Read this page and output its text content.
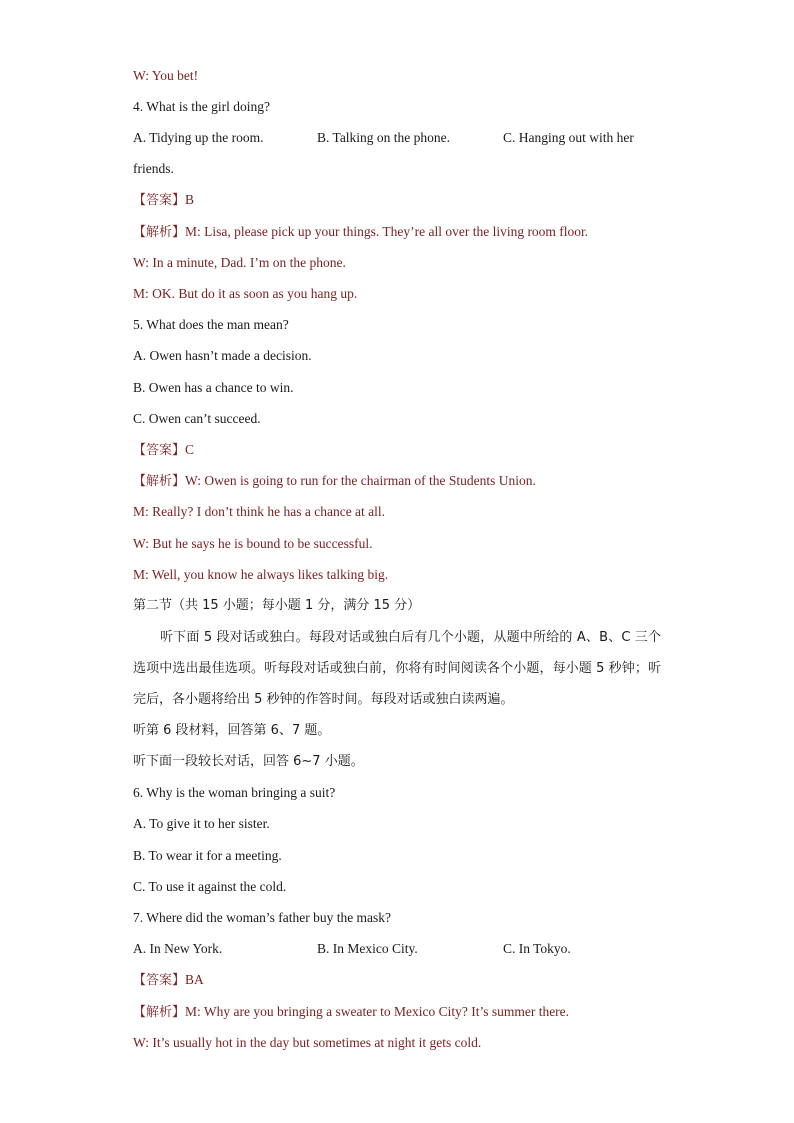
W: You bet!

4. What is the girl doing?

A. Tidying up the room.	B. Talking on the phone.	C. Hanging out with her

friends.

【答案】B

【解析】M: Lisa, please pick up your things. They’re all over the living room floor.

W: In a minute, Dad. I’m on the phone.

M: OK. But do it as soon as you hang up.

5. What does the man mean?

A. Owen hasn’t made a decision.

B. Owen has a chance to win.

C. Owen can’t succeed.

【答案】C

【解析】W: Owen is going to run for the chairman of the Students Union.

M: Really? I don’t think he has a chance at all.

W: But he says he is bound to be successful.

M: Well, you know he always likes talking big.

第二节（共 15 小题；每小题 1 分，满分 15 分）

听下面 5 段对话或独白。每段对话或独白后有几个小题，从题中所给的 A、B、C 三个选项中选出最佳选项。听每段对话或独白前，你将有时间阅读各个小题，每小题 5 秒钟；听完后，各小题将给出 5 秒钟的作答时间。每段对话或独白读两遍。

听第 6 段材料，回答第 6、7 题。

听下面一段较长对话，回答 6~7 小题。

6. Why is the woman bringing a suit?

A. To give it to her sister.

B. To wear it for a meeting.

C. To use it against the cold.

7. Where did the woman’s father buy the mask?

A. In New York.	B. In Mexico City.	C. In Tokyo.

【答案】BA

【解析】M: Why are you bringing a sweater to Mexico City? It’s summer there.

W: It’s usually hot in the day but sometimes at night it gets cold.
